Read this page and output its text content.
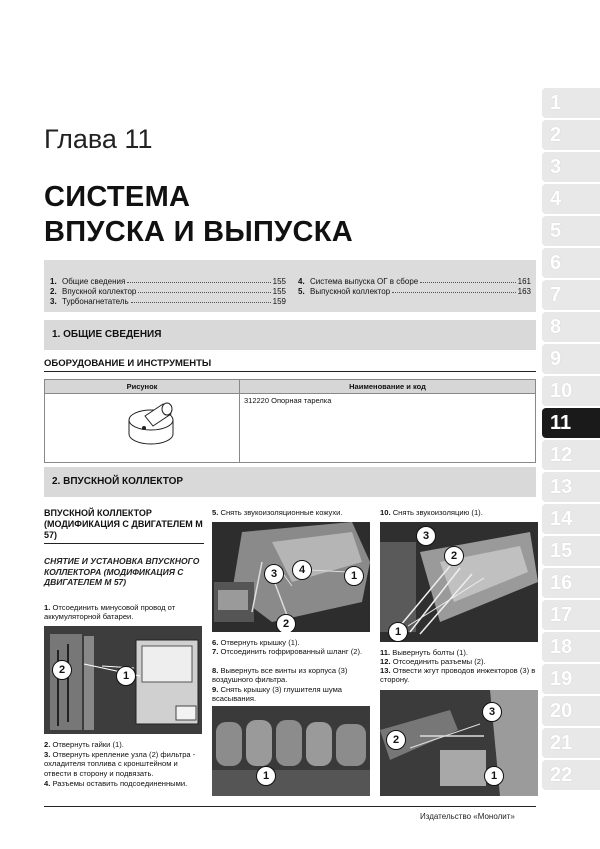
1
2
3
4
5
6
7
8
9
10
11
12
13
14
15
16
17
18
19
20
21
22
Глава 11
СИСТЕМА
ВПУСКА И ВЫПУСКА
1. Общие сведения	155
2. Впускной коллектор	155
3. Турбонагнетатель	159
4. Система выпуска ОГ в сборе	161
5. Выпускной коллектор	163
1. ОБЩИЕ СВЕДЕНИЯ
ОБОРУДОВАНИЕ И ИНСТРУМЕНТЫ
Рисунок	Наименование и код
	312220 Опорная тарелка
2. ВПУСКНОЙ КОЛЛЕКТОР
ВПУСКНОЙ КОЛЛЕКТОР (МОДИФИКАЦИЯ С ДВИГАТЕЛЕМ М 57)
СНЯТИЕ И УСТАНОВКА ВПУСКНОГО КОЛЛЕКТОРА (МОДИФИКАЦИЯ С ДВИГАТЕЛЕМ М 57)
1. Отсоединить минусовой провод от аккумуляторной батареи.
2	1
2. Отвернуть гайки (1).
3. Отвернуть крепление узла (2) фильтра - охладителя топлива с кронштейном и отвести в сторону и подвязать.
4. Разъемы оставить подсоединенными.
5. Снять звукоизоляционные кожухи.
3	4	1
2
6. Отвернуть крышку (1).
7. Отсоединить гофрированный шланг (2).
8. Вывернуть все винты из корпуса (3) воздушного фильтра.
9. Снять крышку (3) глушителя шума всасывания.
1
10. Снять звукоизоляцию (1).
3
2
1
11. Вывернуть болты (1).
12. Отсоединить разъемы (2).
13. Отвести жгут проводов инжекторов (3) в сторону.
3
2
1
Издательство «Монолит»
